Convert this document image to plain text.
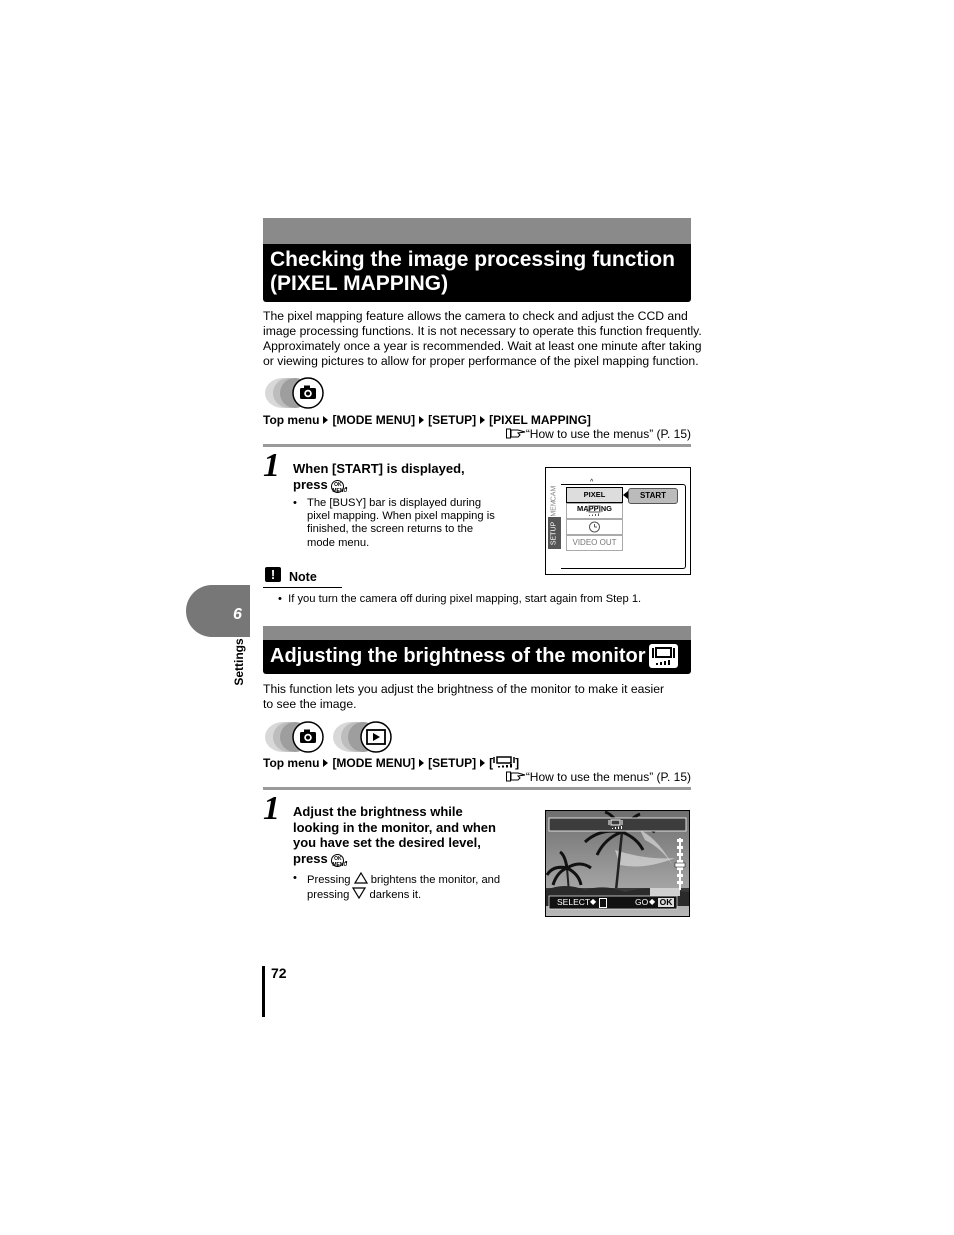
Checking the image processing function
(PIXEL MAPPING)
The pixel mapping feature allows the camera to check and adjust the CCD and
image processing functions. It is not necessary to operate this function frequently.
Approximately once a year is recommended. Wait at least one minute after taking
or viewing pictures to allow for proper performance of the pixel mapping function.
Top menu [MODE MENU] [SETUP] [PIXEL MAPPING]
“How to use the menus” (P. 15)
1 When [START] is displayed,
press OK MENU.
• The [BUSY] bar is displayed during
pixel mapping. When pixel mapping is
finished, the screen returns to the
mode menu.	SETUP
MEM
CAM
^
PIXEL MAPPING
START
VIDEO OUT
!	Note
•  If you turn the camera off during pixel mapping, start again from Step 1.
6
Settings	Adjusting the brightness of the monitor
This function lets you adjust the brightness of the monitor to make it easier
to see the image.
Top menu [MODE MENU] [SETUP] [ ]
“How to use the menus” (P. 15)
1 Adjust the brightness while
looking in the monitor, and when
you have set the desired level,
press OK MENU.
• Pressing brightens the monitor, and
pressing darkens it.
SELECT ◆	GO ◆ OK
72
